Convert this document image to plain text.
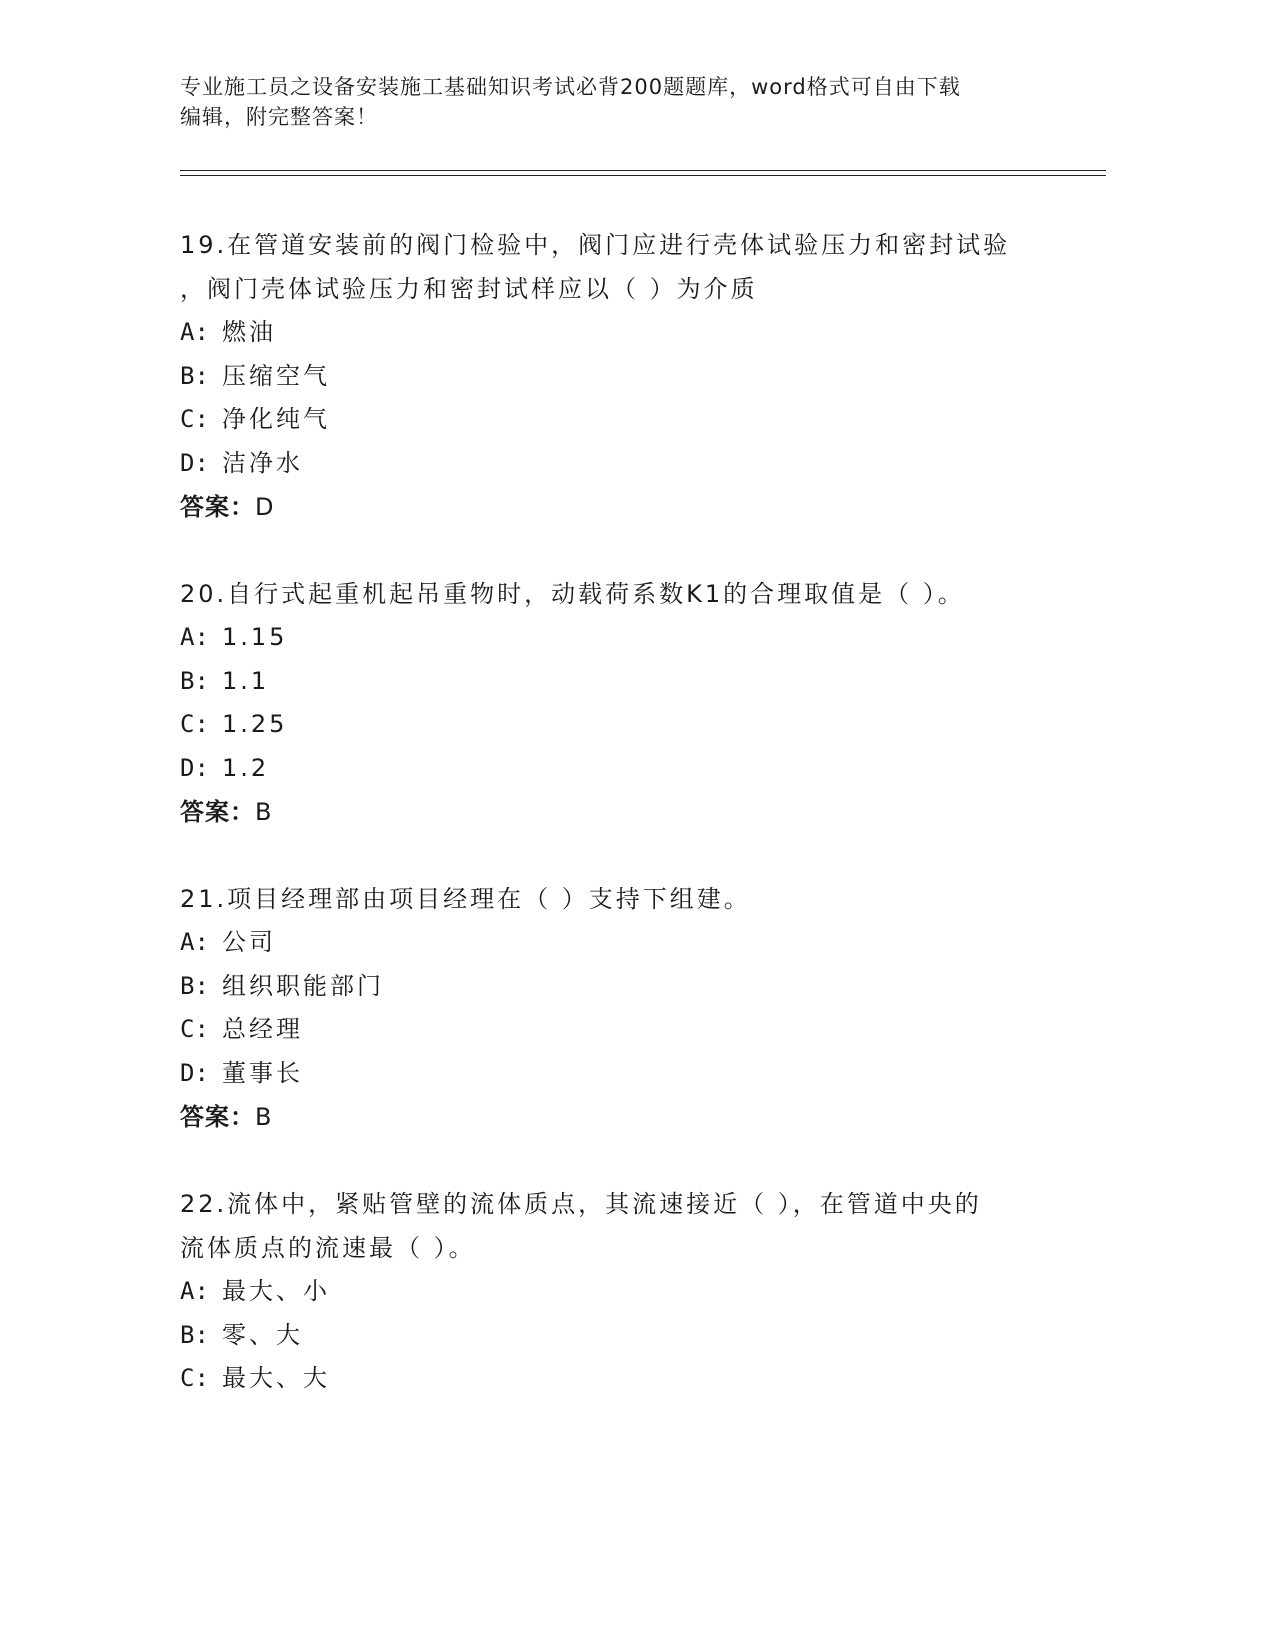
专业施工员之设备安装施工基础知识考试必背200题题库，word格式可自由下载
编辑，附完整答案！

19.在管道安装前的阀门检验中，阀门应进行壳体试验压力和密封试验

，阀门壳体试验压力和密封试样应以（ ）为介质

A: 燃油

B: 压缩空气

C: 净化纯气

D: 洁净水

答案：D

20.自行式起重机起吊重物时，动载荷系数K1的合理取值是（ ）。

A: 1.15

B: 1.1

C: 1.25

D: 1.2

答案：B

21.项目经理部由项目经理在（ ）支持下组建。

A: 公司

B: 组织职能部门

C: 总经理

D: 董事长

答案：B

22.流体中，紧贴管壁的流体质点，其流速接近（ ），在管道中央的

流体质点的流速最（ ）。

A: 最大、小

B: 零、大

C: 最大、大
